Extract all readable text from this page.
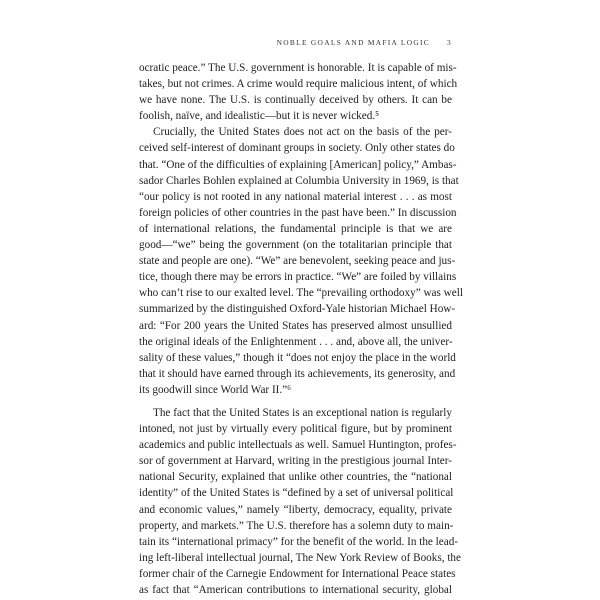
NOBLE GOALS AND MAFIA LOGIC 3
ocratic peace.” The U.S. government is honorable. It is capable of mis-
takes, but not crimes. A crime would require malicious intent, of which
we have none. The U.S. is continually deceived by others. It can be
foolish, naïve, and idealistic—but it is never wicked.⁵
Crucially, the United States does not act on the basis of the per-
ceived self-interest of dominant groups in society. Only other states do
that. “One of the difficulties of explaining [American] policy,” Ambas-
sador Charles Bohlen explained at Columbia University in 1969, is that
“our policy is not rooted in any national material interest . . . as most
foreign policies of other countries in the past have been.” In discussion
of international relations, the fundamental principle is that we are
good—“we” being the government (on the totalitarian principle that
state and people are one). “We” are benevolent, seeking peace and jus-
tice, though there may be errors in practice. “We” are foiled by villains
who can’t rise to our exalted level. The “prevailing orthodoxy” was well
summarized by the distinguished Oxford-Yale historian Michael How-
ard: “For 200 years the United States has preserved almost unsullied
the original ideals of the Enlightenment . . . and, above all, the univer-
sality of these values,” though it “does not enjoy the place in the world
that it should have earned through its achievements, its generosity, and
its goodwill since World War II.”⁶
The fact that the United States is an exceptional nation is regularly
intoned, not just by virtually every political figure, but by prominent
academics and public intellectuals as well. Samuel Huntington, profes-
sor of government at Harvard, writing in the prestigious journal Inter-
national Security, explained that unlike other countries, the “national
identity” of the United States is “defined by a set of universal political
and economic values,” namely “liberty, democracy, equality, private
property, and markets.” The U.S. therefore has a solemn duty to main-
tain its “international primacy” for the benefit of the world. In the lead-
ing left-liberal intellectual journal, The New York Review of Books, the
former chair of the Carnegie Endowment for International Peace states
as fact that “American contributions to international security, global
